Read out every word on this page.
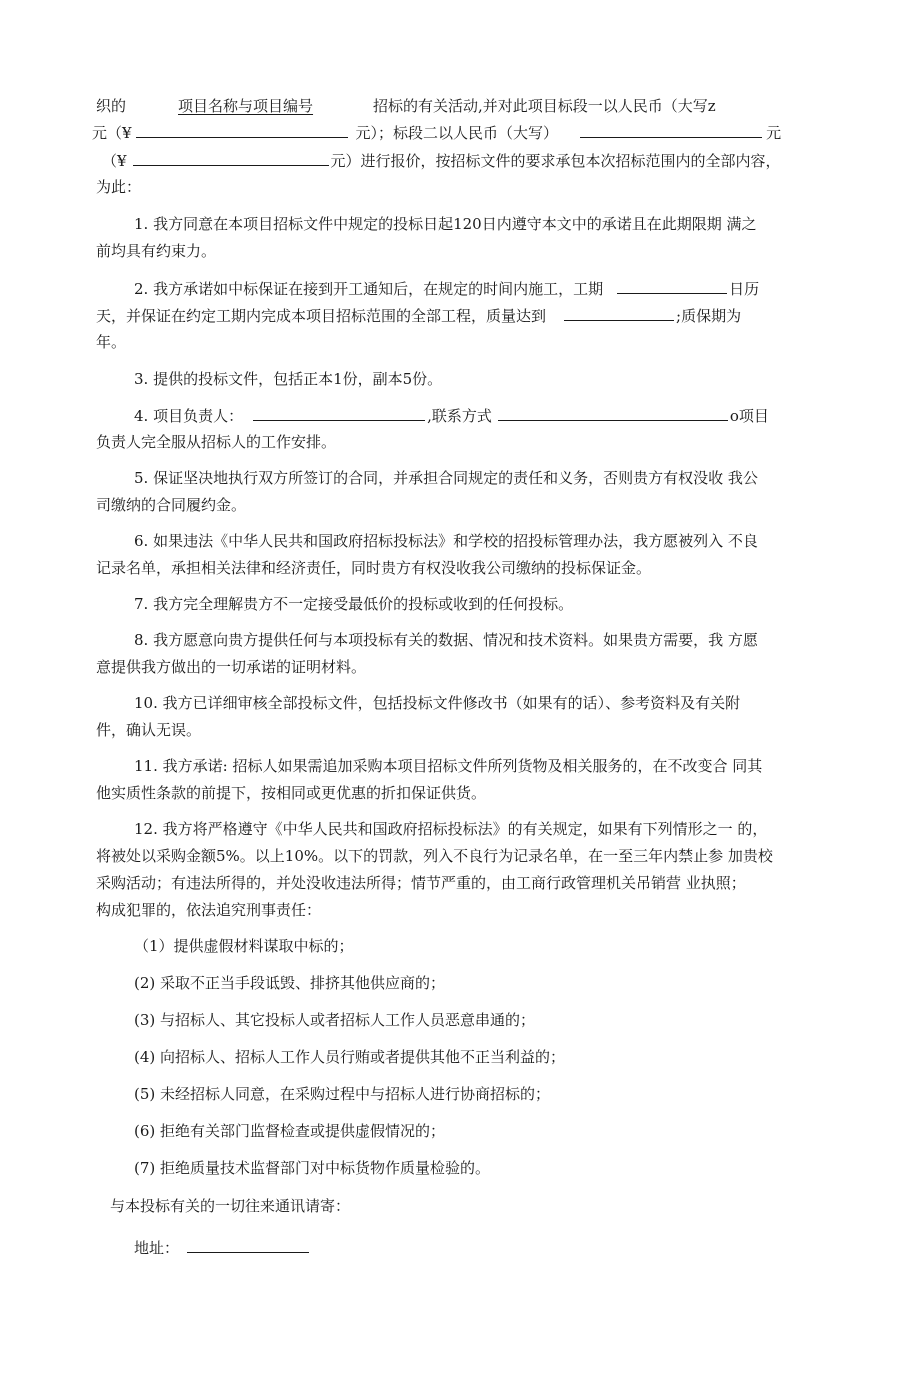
织的	项目名称与项目编号	招标的有关活动,并对此项目标段一以人民币（大写z
元（¥	元）；标段二以人民币（大写）	元
（¥	元）进行报价，按招标文件的要求承包本次招标范围内的全部内容，
为此：
1. 我方同意在本项目招标文件中规定的投标日起120日内遵守本文中的承诺且在此期限期 满之
前均具有约束力。
2. 我方承诺如中标保证在接到开工通知后，在规定的时间内施工，工期	日历
天，并保证在约定工期内完成本项目招标范围的全部工程，质量达到	;质保期为
年。
3. 提供的投标文件，包括正本1份，副本5份。
4. 项目负责人：	,联系方式	o项目
负责人完全服从招标人的工作安排。
5. 保证坚决地执行双方所签订的合同，并承担合同规定的责任和义务，否则贵方有权没收 我公
司缴纳的合同履约金。
6. 如果违法《中华人民共和国政府招标投标法》和学校的招投标管理办法，我方愿被列入 不良
记录名单，承担相关法律和经济责任，同时贵方有权没收我公司缴纳的投标保证金。
7. 我方完全理解贵方不一定接受最低价的投标或收到的任何投标。
8. 我方愿意向贵方提供任何与本项投标有关的数据、情况和技术资料。如果贵方需要，我 方愿
意提供我方做出的一切承诺的证明材料。
10. 我方已详细审核全部投标文件，包括投标文件修改书（如果有的话）、参考资料及有关附
件，确认无误。
11. 我方承诺: 招标人如果需追加采购本项目招标文件所列货物及相关服务的，在不改变合 同其
他实质性条款的前提下，按相同或更优惠的折扣保证供货。
12. 我方将严格遵守《中华人民共和国政府招标投标法》的有关规定，如果有下列情形之一 的，
将被处以采购金额5%。以上10%。以下的罚款，列入不良行为记录名单，在一至三年内禁止参 加贵校
采购活动；有违法所得的，并处没收违法所得；情节严重的，由工商行政管理机关吊销营 业执照；
构成犯罪的，依法追究刑事责任：
（1）提供虚假材料谋取中标的；
(2) 采取不正当手段诋毁、排挤其他供应商的；
(3) 与招标人、其它投标人或者招标人工作人员恶意串通的；
(4) 向招标人、招标人工作人员行贿或者提供其他不正当利益的；
(5) 未经招标人同意，在采购过程中与招标人进行协商招标的；
(6) 拒绝有关部门监督检查或提供虚假情况的；
(7) 拒绝质量技术监督部门对中标货物作质量检验的。
与本投标有关的一切往来通讯请寄：
地址：
